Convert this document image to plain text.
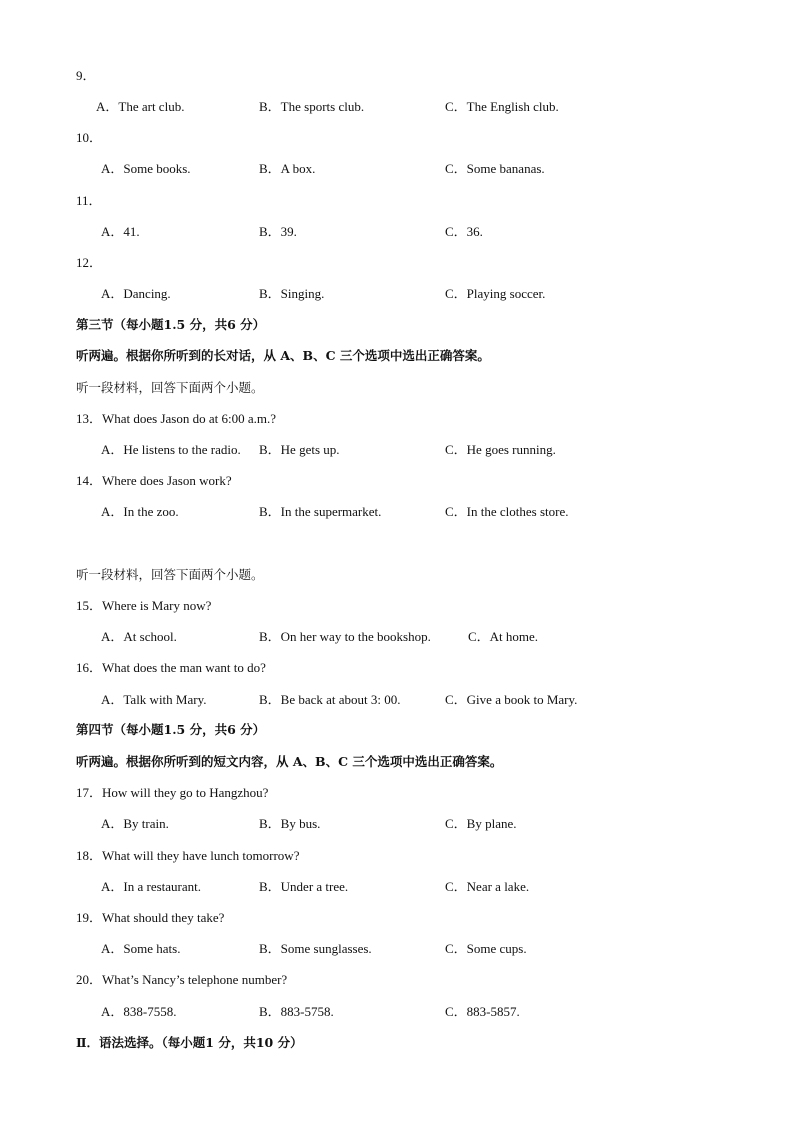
9．
A．The art club.	B．The sports club.	C．The English club.
10．
A．Some books.	B．A box.	C．Some bananas.
11．
A．41.	B．39.	C．36.
12．
A．Dancing.	B．Singing.	C．Playing soccer.
第三节（每小题1.5 分，共6 分）
听两遍。根据你所听到的长对话，从 A、B、C 三个选项中选出正确答案。
听一段材料，回答下面两个小题。
13．What does Jason do at 6:00 a.m.?
A．He listens to the radio. B．He gets up.	C．He goes running.
14．Where does Jason work?
A．In the zoo.	B．In the supermarket.	C．In the clothes store.
听一段材料，回答下面两个小题。
15．Where is Mary now?
A．At school.	B．On her way to the bookshop.	C．At home.
16．What does the man want to do?
A．Talk with Mary.	B．Be back at about 3: 00.	C．Give a book to Mary.
第四节（每小题1.5 分，共6 分）
听两遍。根据你所听到的短文内容，从 A、B、C 三个选项中选出正确答案。
17．How will they go to Hangzhou?
A．By train.	B．By bus.	C．By plane.
18．What will they have lunch tomorrow?
A．In a restaurant.	B．Under a tree.	C．Near a lake.
19．What should they take?
A．Some hats.	B．Some sunglasses.	C．Some cups.
20．What’s Nancy’s telephone number?
A．838-7558.	B．883-5758.	C．883-5857.
Ⅱ．语法选择。（每小题1 分，共10 分）
